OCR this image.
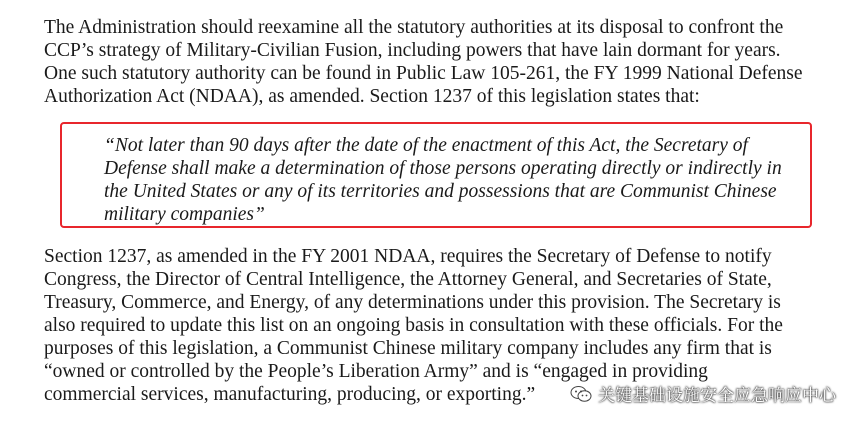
The Administration should reexamine all the statutory authorities at its disposal to confront the
CCP’s strategy of Military-Civilian Fusion, including powers that have lain dormant for years.
One such statutory authority can be found in Public Law 105-261, the FY 1999 National Defense
Authorization Act (NDAA), as amended. Section 1237 of this legislation states that:
“Not later than 90 days after the date of the enactment of this Act, the Secretary of
Defense shall make a determination of those persons operating directly or indirectly in
the United States or any of its territories and possessions that are Communist Chinese
military companies”
Section 1237, as amended in the FY 2001 NDAA, requires the Secretary of Defense to notify
Congress, the Director of Central Intelligence, the Attorney General, and Secretaries of State,
Treasury, Commerce, and Energy, of any determinations under this provision. The Secretary is
also required to update this list on an ongoing basis in consultation with these officials. For the
purposes of this legislation, a Communist Chinese military company includes any firm that is
“owned or controlled by the People’s Liberation Army” and is “engaged in providing
commercial services, manufacturing, producing, or exporting.”	关键基础设施安全应急响应中心
